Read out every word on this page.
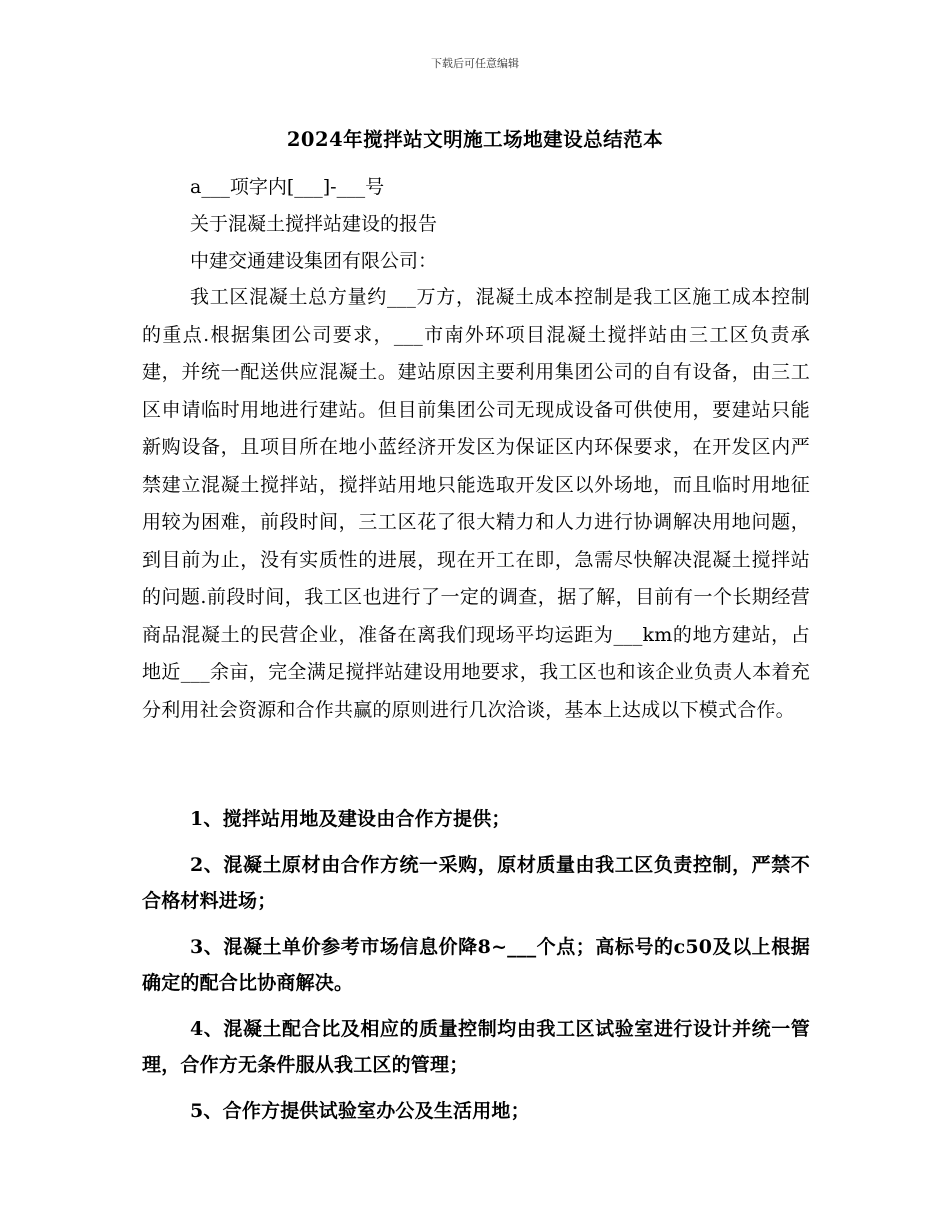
下载后可任意编辑
2024年搅拌站文明施工场地建设总结范本
a___项字内[___]-___号
关于混凝土搅拌站建设的报告
中建交通建设集团有限公司：
我工区混凝土总方量约___万方，混凝土成本控制是我工区施工成本控制的重点.根据集团公司要求，___市南外环项目混凝土搅拌站由三工区负责承建，并统一配送供应混凝土。建站原因主要利用集团公司的自有设备，由三工区申请临时用地进行建站。但目前集团公司无现成设备可供使用，要建站只能新购设备，且项目所在地小蓝经济开发区为保证区内环保要求，在开发区内严禁建立混凝土搅拌站，搅拌站用地只能选取开发区以外场地，而且临时用地征用较为困难，前段时间，三工区花了很大精力和人力进行协调解决用地问题，到目前为止，没有实质性的进展，现在开工在即，急需尽快解决混凝土搅拌站的问题.前段时间，我工区也进行了一定的调查，据了解，目前有一个长期经营商品混凝土的民营企业，准备在离我们现场平均运距为___km的地方建站，占地近___余亩，完全满足搅拌站建设用地要求，我工区也和该企业负责人本着充分利用社会资源和合作共赢的原则进行几次洽谈，基本上达成以下模式合作。

1、搅拌站用地及建设由合作方提供；

2、混凝土原材由合作方统一采购，原材质量由我工区负责控制，严禁不合格材料进场；

3、混凝土单价参考市场信息价降8~___个点；高标号的c50及以上根据确定的配合比协商解决。

4、混凝土配合比及相应的质量控制均由我工区试验室进行设计并统一管理，合作方无条件服从我工区的管理；

5、合作方提供试验室办公及生活用地；
